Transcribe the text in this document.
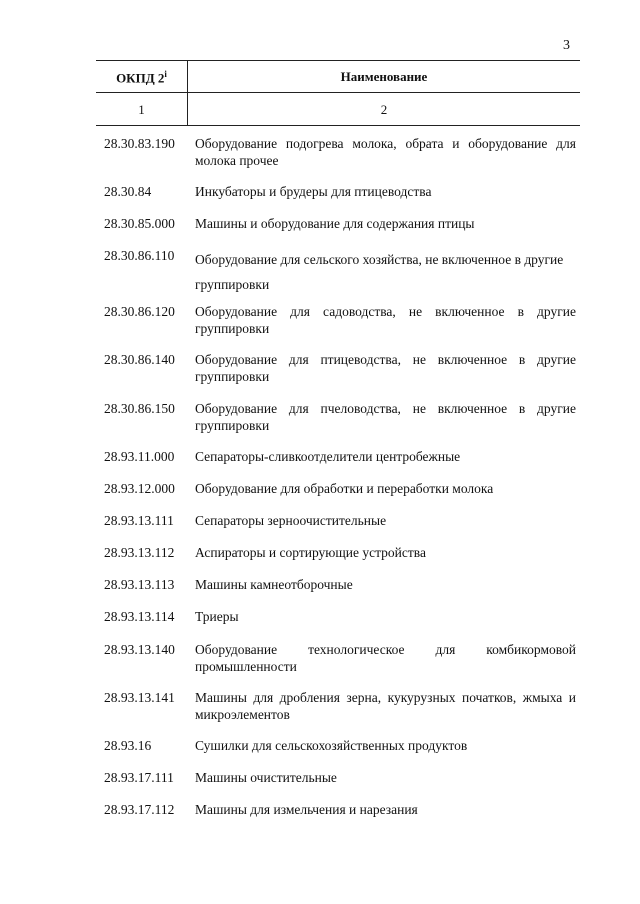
3
ОКПД 2$^i$	Наименование
1	2
28.30.83.190 Оборудование подогрева молока, обрата и оборудование для молока прочее
28.30.84	Инкубаторы и брудеры для птицеводства
28.30.85.000 Машины и оборудование для содержания птицы
28.30.86.110 Оборудование для сельского хозяйства, не включенное в другие группировки
28.30.86.120 Оборудование для садоводства, не включенное в другие группировки
28.30.86.140 Оборудование для птицеводства, не включенное в другие группировки
28.30.86.150 Оборудование для пчеловодства, не включенное в другие группировки
28.93.11.000 Сепараторы-сливкоотделители центробежные
28.93.12.000 Оборудование для обработки и переработки молока
28.93.13.111 Сепараторы зерноочистительные
28.93.13.112 Аспираторы и сортирующие устройства
28.93.13.113 Машины камнеотборочные
28.93.13.114 Триеры
28.93.13.140 Оборудование технологическое для комбикормовой промышленности
28.93.13.141 Машины для дробления зерна, кукурузных початков, жмыха и микроэлементов
28.93.16	Сушилки для сельскохозяйственных продуктов
28.93.17.111 Машины очистительные
28.93.17.112 Машины для измельчения и нарезания
